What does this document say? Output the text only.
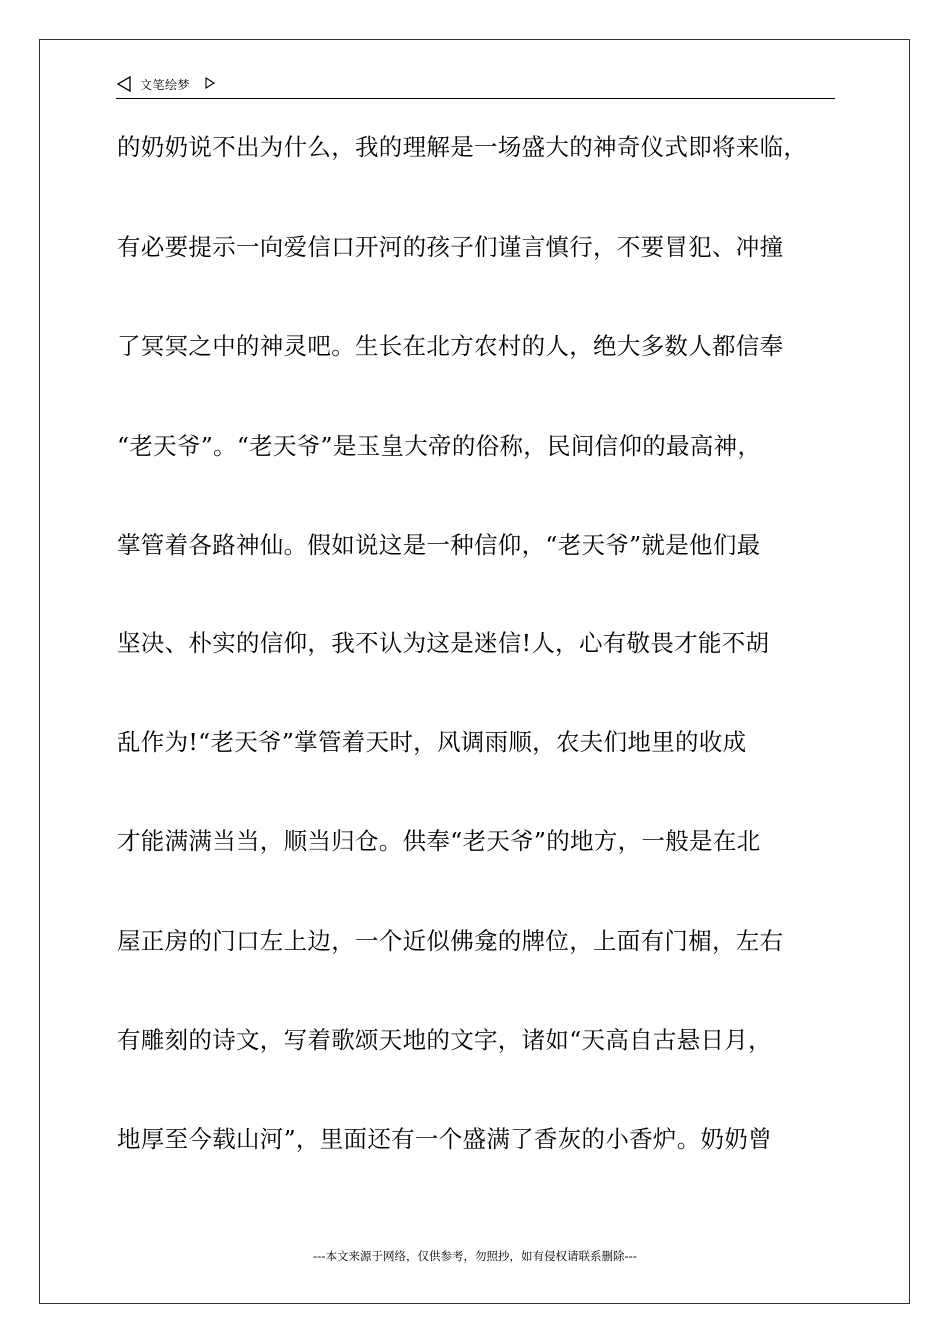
文笔绘梦
的奶奶说不出为什么，我的理解是一场盛大的神奇仪式即将来临，
有必要提示一向爱信口开河的孩子们谨言慎行，不要冒犯、冲撞
了冥冥之中的神灵吧。生长在北方农村的人，绝大多数人都信奉
“老天爷”。“老天爷”是玉皇大帝的俗称，民间信仰的最高神，
掌管着各路神仙。假如说这是一种信仰，“老天爷”就是他们最
坚决、朴实的信仰，我不认为这是迷信!人，心有敬畏才能不胡
乱作为!“老天爷”掌管着天时，风调雨顺，农夫们地里的收成
才能满满当当，顺当归仓。供奉“老天爷”的地方，一般是在北
屋正房的门口左上边，一个近似佛龛的牌位，上面有门楣，左右
有雕刻的诗文，写着歌颂天地的文字，诸如“天高自古悬日月，
地厚至今载山河”，里面还有一个盛满了香灰的小香炉。奶奶曾
---本文来源于网络，仅供参考，勿照抄，如有侵权请联系删除---
